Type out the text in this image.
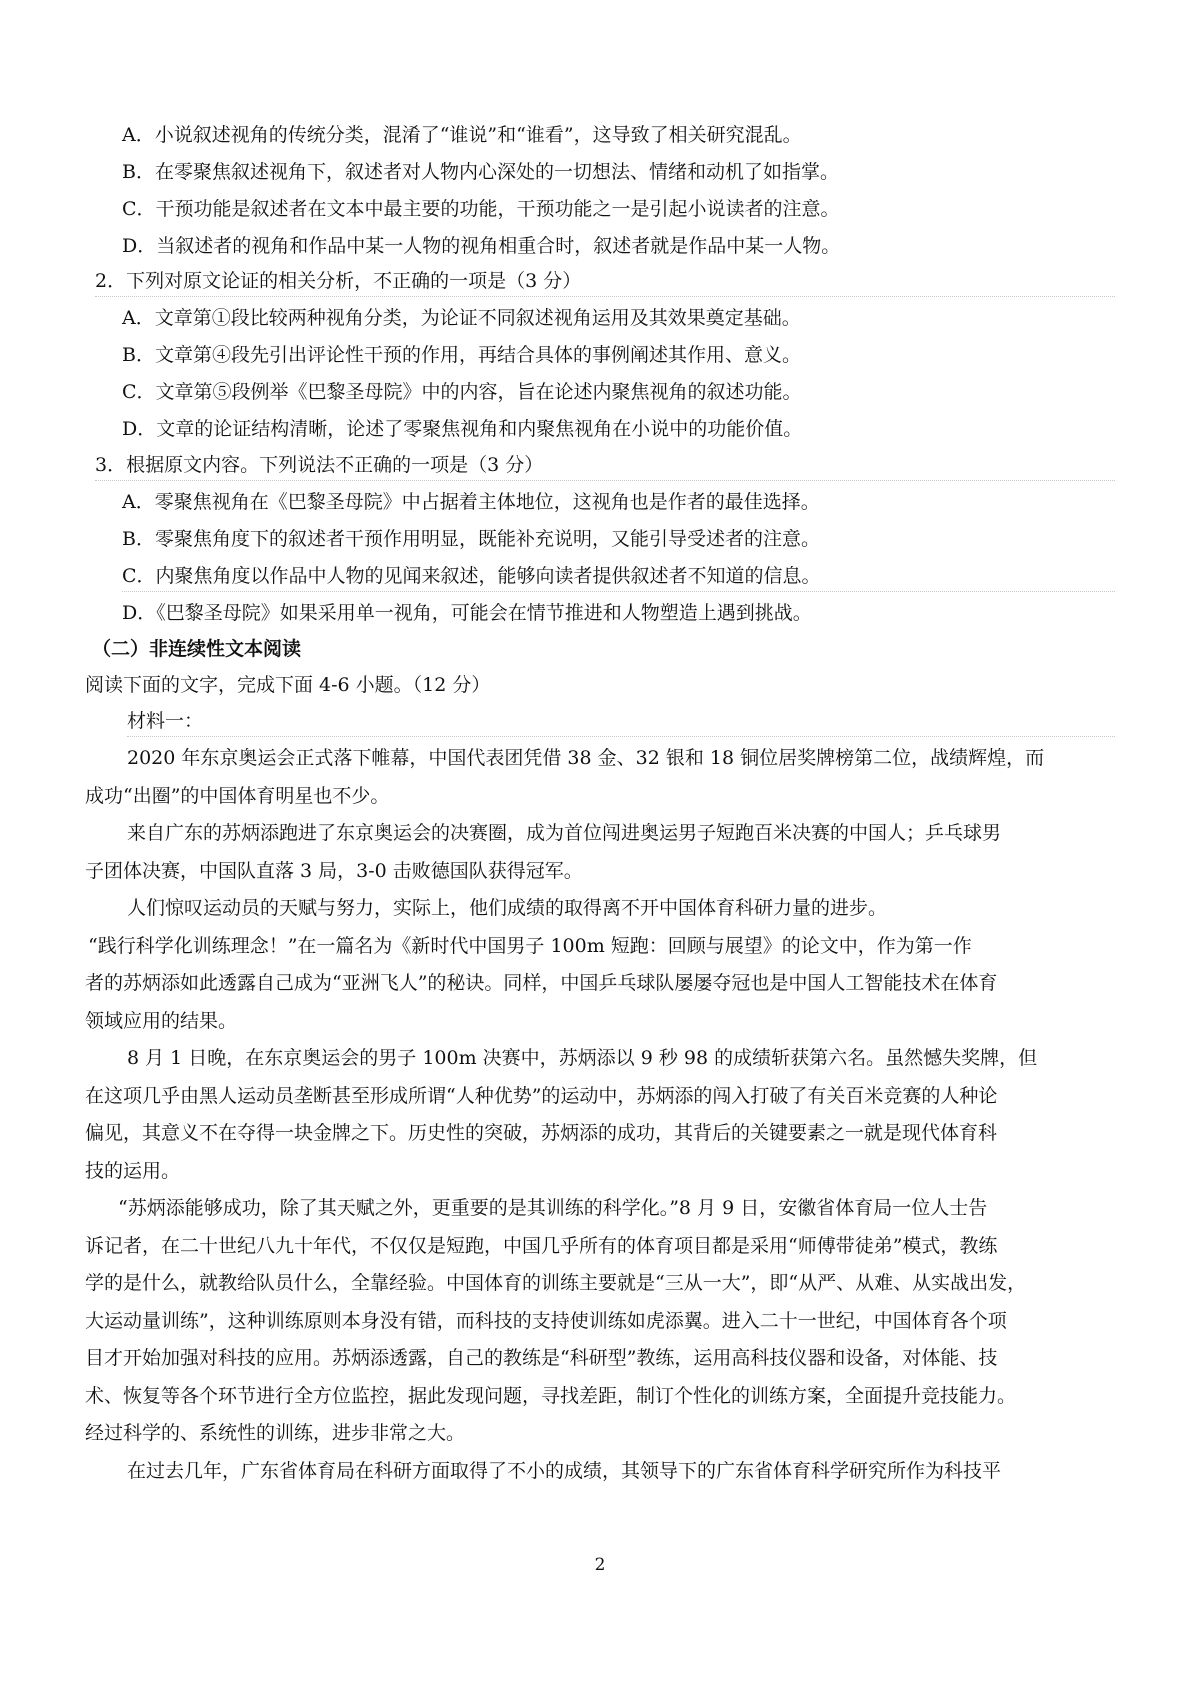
A．小说叙述视角的传统分类，混淆了“谁说”和“谁看”，这导致了相关研究混乱。
B．在零聚焦叙述视角下，叙述者对人物内心深处的一切想法、情绪和动机了如指掌。
C．干预功能是叙述者在文本中最主要的功能，干预功能之一是引起小说读者的注意。
D．当叙述者的视角和作品中某一人物的视角相重合时，叙述者就是作品中某一人物。
2．下列对原文论证的相关分析，不正确的一项是（3 分）
A．文章第①段比较两种视角分类，为论证不同叙述视角运用及其效果奠定基础。
B．文章第④段先引出评论性干预的作用，再结合具体的事例阐述其作用、意义。
C．文章第⑤段例举《巴黎圣母院》中的内容，旨在论述内聚焦视角的叙述功能。
D．文章的论证结构清晰，论述了零聚焦视角和内聚焦视角在小说中的功能价值。
3．根据原文内容。下列说法不正确的一项是（3 分）
A．零聚焦视角在《巴黎圣母院》中占据着主体地位，这视角也是作者的最佳选择。
B．零聚焦角度下的叙述者干预作用明显，既能补充说明，又能引导受述者的注意。
C．内聚焦角度以作品中人物的见闻来叙述，能够向读者提供叙述者不知道的信息。
D．《巴黎圣母院》如果采用单一视角，可能会在情节推进和人物塑造上遇到挑战。
（二）非连续性文本阅读
阅读下面的文字，完成下面 4-6 小题。（12 分）
材料一：
2020 年东京奥运会正式落下帷幕，中国代表团凭借 38 金、32 银和 18 铜位居奖牌榜第二位，战绩辉煌，而
成功“出圈”的中国体育明星也不少。
来自广东的苏炳添跑进了东京奥运会的决赛圈，成为首位闯进奥运男子短跑百米决赛的中国人；乒乓球男
子团体决赛，中国队直落 3 局，3-0 击败德国队获得冠军。
人们惊叹运动员的天赋与努力，实际上，他们成绩的取得离不开中国体育科研力量的进步。
“践行科学化训练理念！”在一篇名为《新时代中国男子 100m 短跑：回顾与展望》的论文中，作为第一作
者的苏炳添如此透露自己成为“亚洲飞人”的秘诀。同样，中国乒乓球队屡屡夺冠也是中国人工智能技术在体育
领域应用的结果。
8 月 1 日晚，在东京奥运会的男子 100m 决赛中，苏炳添以 9 秒 98 的成绩斩获第六名。虽然憾失奖牌，但
在这项几乎由黑人运动员垄断甚至形成所谓“人种优势”的运动中，苏炳添的闯入打破了有关百米竞赛的人种论
偏见，其意义不在夺得一块金牌之下。历史性的突破，苏炳添的成功，其背后的关键要素之一就是现代体育科
技的运用。
“苏炳添能够成功，除了其天赋之外，更重要的是其训练的科学化。”8 月 9 日，安徽省体育局一位人士告
诉记者，在二十世纪八九十年代，不仅仅是短跑，中国几乎所有的体育项目都是采用“师傅带徒弟”模式，教练
学的是什么，就教给队员什么，全靠经验。中国体育的训练主要就是“三从一大”，即“从严、从难、从实战出发，
大运动量训练”，这种训练原则本身没有错，而科技的支持使训练如虎添翼。进入二十一世纪，中国体育各个项
目才开始加强对科技的应用。苏炳添透露，自己的教练是“科研型”教练，运用高科技仪器和设备，对体能、技
术、恢复等各个环节进行全方位监控，据此发现问题，寻找差距，制订个性化的训练方案，全面提升竞技能力。
经过科学的、系统性的训练，进步非常之大。
在过去几年，广东省体育局在科研方面取得了不小的成绩，其领导下的广东省体育科学研究所作为科技平
2
